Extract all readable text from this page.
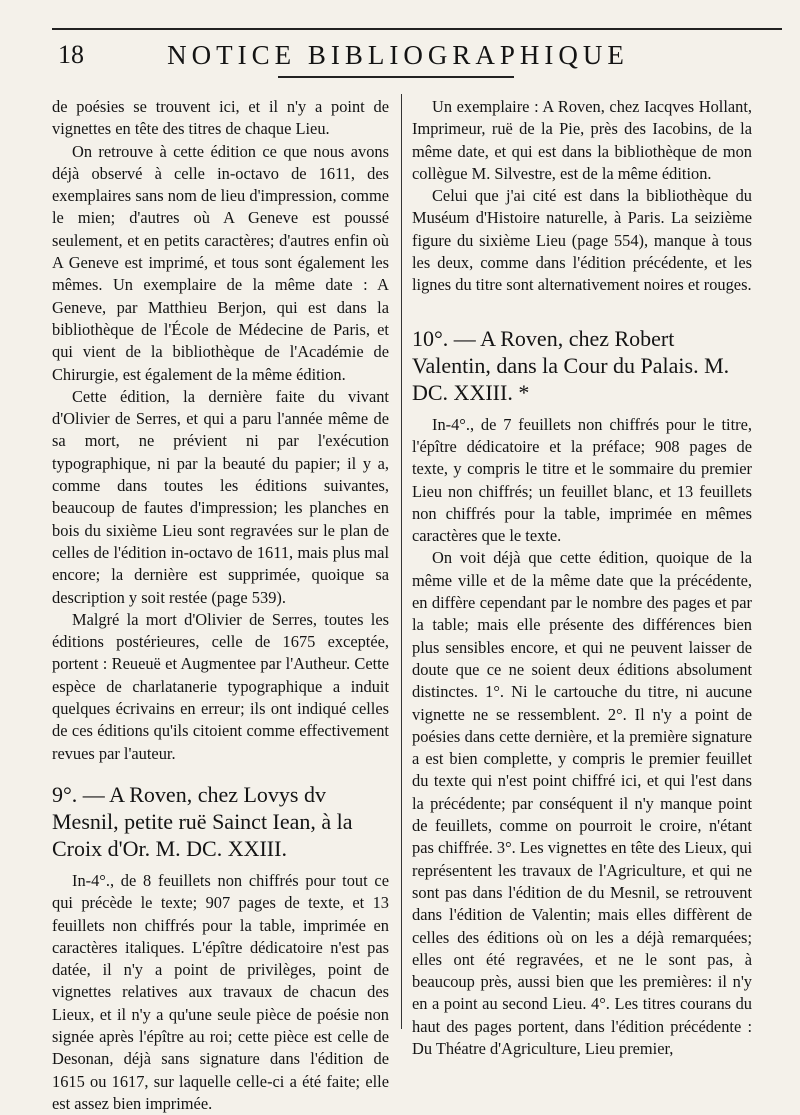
18	NOTICE BIBLIOGRAPHIQUE

de poésies se trouvent ici, et il n'y a point de vignettes en tête des titres de chaque Lieu.

On retrouve à cette édition ce que nous avons déjà observé à celle in-octavo de 1611, des exemplaires sans nom de lieu d'impression, comme le mien; d'autres où A Geneve est poussé seulement, et en petits caractères; d'autres enfin où A Geneve est imprimé, et tous sont également les mêmes. Un exemplaire de la même date : A Geneve, par Matthieu Berjon, qui est dans la bibliothèque de l'École de Médecine de Paris, et qui vient de la bibliothèque de l'Académie de Chirurgie, est également de la même édition.

Cette édition, la dernière faite du vivant d'Olivier de Serres, et qui a paru l'année même de sa mort, ne prévient ni par l'exécution typographique, ni par la beauté du papier; il y a, comme dans toutes les éditions suivantes, beaucoup de fautes d'impression; les planches en bois du sixième Lieu sont regravées sur le plan de celles de l'édition in-octavo de 1611, mais plus mal encore; la dernière est supprimée, quoique sa description y soit restée (page 539).

Malgré la mort d'Olivier de Serres, toutes les éditions postérieures, celle de 1675 exceptée, portent : Reueuë et Augmentee par l'Autheur. Cette espèce de charlatanerie typographique a induit quelques écrivains en erreur; ils ont indiqué celles de ces éditions qu'ils citoient comme effectivement revues par l'auteur.

9°. — A Roven, chez Lovys dv Mesnil, petite ruë Sainct Iean, à la Croix d'Or. M. DC. XXIII.

In-4°., de 8 feuillets non chiffrés pour tout ce qui précède le texte; 907 pages de texte, et 13 feuillets non chiffrés pour la table, imprimée en caractères italiques. L'épître dédicatoire n'est pas datée, il n'y a point de privilèges, point de vignettes relatives aux travaux de chacun des Lieux, et il n'y a qu'une seule pièce de poésie non signée après l'épître au roi; cette pièce est celle de Desonan, déjà sans signature dans l'édition de 1615 ou 1617, sur laquelle celle-ci a été faite; elle est assez bien imprimée.

Un exemplaire : A Roven, chez Iacqves Hollant, Imprimeur, ruë de la Pie, près des Iacobins, de la même date, et qui est dans la bibliothèque de mon collègue M. Silvestre, est de la même édition.

Celui que j'ai cité est dans la bibliothèque du Muséum d'Histoire naturelle, à Paris. La seizième figure du sixième Lieu (page 554), manque à tous les deux, comme dans l'édition précédente, et les lignes du titre sont alternativement noires et rouges.

10°. — A Roven, chez Robert Valentin, dans la Cour du Palais. M. DC. XXIII. *

In-4°., de 7 feuillets non chiffrés pour le titre, l'épître dédicatoire et la préface; 908 pages de texte, y compris le titre et le sommaire du premier Lieu non chiffrés; un feuillet blanc, et 13 feuillets non chiffrés pour la table, imprimée en mêmes caractères que le texte.

On voit déjà que cette édition, quoique de la même ville et de la même date que la précédente, en diffère cependant par le nombre des pages et par la table; mais elle présente des différences bien plus sensibles encore, et qui ne peuvent laisser de doute que ce ne soient deux éditions absolument distinctes. 1°. Ni le cartouche du titre, ni aucune vignette ne se ressemblent. 2°. Il n'y a point de poésies dans cette dernière, et la première signature a est bien complette, y compris le premier feuillet du texte qui n'est point chiffré ici, et qui l'est dans la précédente; par conséquent il n'y manque point de feuillets, comme on pourroit le croire, n'étant pas chiffrée. 3°. Les vignettes en tête des Lieux, qui représentent les travaux de l'Agriculture, et qui ne sont pas dans l'édition de du Mesnil, se retrouvent dans l'édition de Valentin; mais elles diffèrent de celles des éditions où on les a déjà remarquées; elles ont été regravées, et ne le sont pas, à beaucoup près, aussi bien que les premières: il n'y en a point au second Lieu. 4°. Les titres courans du haut des pages portent, dans l'édition précédente : Du Théatre d'Agriculture, Lieu premier,
